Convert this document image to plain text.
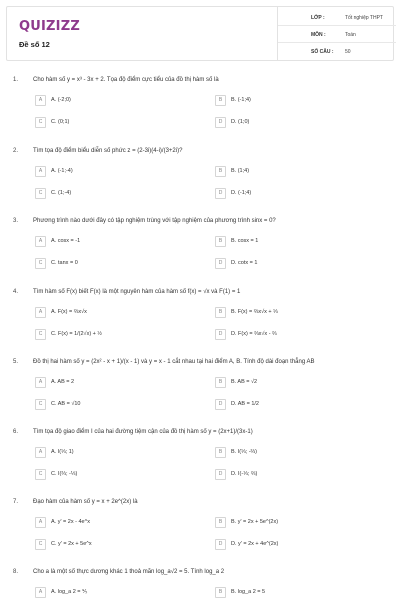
QUIZIZZ
Đề số 12
LỚP :	Tốt nghiệp THPT
MÔN :	Toán
SỐ CÂU : 50
1. Cho hàm số y = x³ - 3x + 2. Tọa độ điểm cực tiểu của đồ thị hàm số là
A	A. (-2;0)	B	B. (-1;4)
C	C. (0;1)	D	D. (1;0)
2. Tìm tọa độ điểm biểu diễn số phức z = (2-3i)(4-i)/(3+2i)?
A	A. (-1;-4)	B	B. (1;4)
C	C. (1;-4)	D	D. (-1;4)
3. Phương trình nào dưới đây có tập nghiệm trùng với tập nghiệm của phương trình sinx = 0?
A	A. cosx = -1	B	B. cosx = 1
C	C. tanx = 0	D	D. cotx = 1
4. Tìm hàm số F(x) biết F(x) là một nguyên hàm của hàm số f(x) = √x và F(1) = 1
A	A. F(x) = ⅔x√x	B	B. F(x) = ⅔x√x + ⅓
C	C. F(x) = 1/(2√x) + ½	D	D. F(x) = ⅔x√x - ⅔
5. Đồ thị hai hàm số y = (2x² - x + 1)/(x - 1) và y = x - 1 cắt nhau tại hai điểm A, B. Tính độ dài đoạn thẳng AB
A	A. AB = 2	B	B. AB = √2
C	C. AB = √10	D	D. AB = 1/2
6. Tìm tọa độ giao điểm I của hai đường tiệm cận của đồ thị hàm số y = (2x+1)/(3x-1)
A	A. I(⅓; 1)	B	B. I(⅓; -⅔)
C	C. I(⅔; -⅓)	D	D. I(-⅓; ⅔)
7. Đạo hàm của hàm số y = x + 2e^(2x) là
A	A. y' = 2x - 4e^x	B	B. y' = 2x + 5e^(2x)
C	C. y' = 2x + 5e^x	D	D. y' = 2x + 4e^(2x)
8. Cho a là một số thực dương khác 1 thoả mãn log_a√2 = 5. Tính log_a 2
A	A. log_a 2 = ⅕	B	B. log_a 2 = 5
